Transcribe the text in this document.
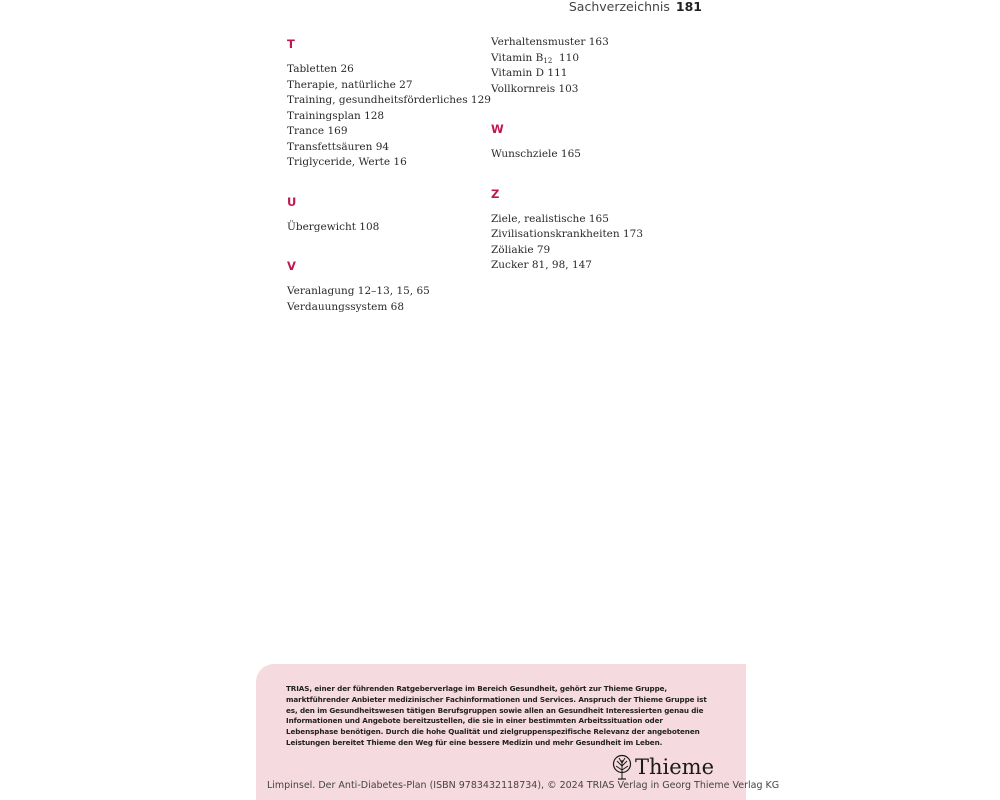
Sachverzeichnis 181
T
Tabletten 26
Therapie, natürliche 27
Training, gesundheitsförderliches 129
Trainingsplan 128
Trance 169
Transfettsäuren 94
Triglyceride, Werte 16
U
Übergewicht 108
V
Veranlagung 12–13, 15, 65
Verdauungssystem 68
Verhaltensmuster 163
Vitamin $B_{12}$  110
Vitamin D 111
Vollkornreis 103
W
Wunschziele 165
Z
Ziele, realistische 165
Zivilisationskrankheiten 173
Zöliakie 79
Zucker 81, 98, 147
TRIAS, einer der führenden Ratgeberverlage im Bereich Gesundheit, gehört zur Thieme Gruppe, marktführender Anbieter medizinischer Fachinformationen und Services. Anspruch der Thieme Gruppe ist es, den im Gesundheitswesen tätigen Berufsgruppen sowie allen an Gesundheit Interessierten genau die Informationen und Angebote bereitzustellen, die sie in einer bestimmten Arbeitssituation oder Lebensphase benötigen. Durch die hohe Qualität und zielgruppenspezifische Relevanz der angebotenen Leistungen bereitet Thieme den Weg für eine bessere Medizin und mehr Gesundheit im Leben.
Thieme
Limpinsel. Der Anti-Diabetes-Plan (ISBN 9783432118734), © 2024 TRIAS Verlag in Georg Thieme Verlag KG
